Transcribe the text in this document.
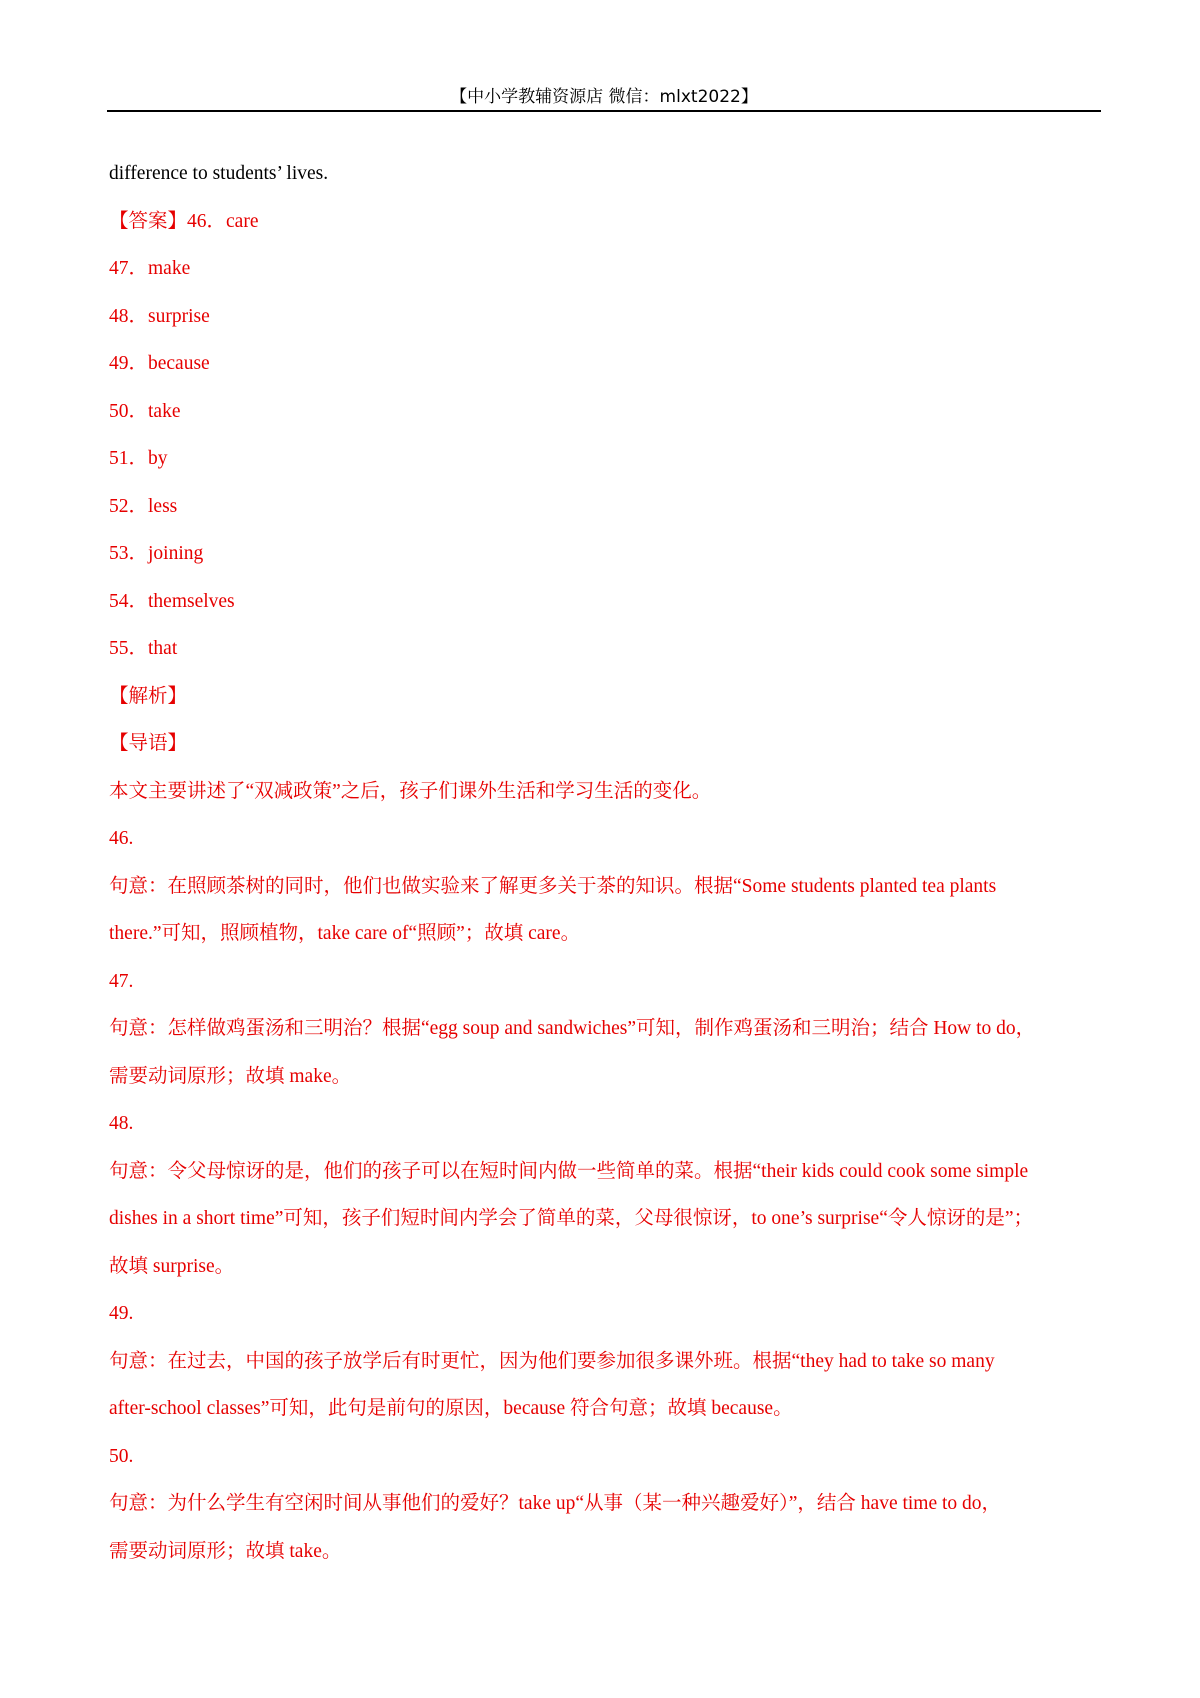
【中小学教辅资源店 微信：mlxt2022】

difference to students’ lives.

【答案】46．care

47．make

48．surprise

49．because

50．take

51．by

52．less

53．joining

54．themselves

55．that

【解析】

【导语】

本文主要讲述了“双减政策”之后，孩子们课外生活和学习生活的变化。

46.

句意：在照顾茶树的同时，他们也做实验来了解更多关于茶的知识。根据“Some students planted tea plants

there.”可知，照顾植物，take care of“照顾”；故填 care。

47.

句意：怎样做鸡蛋汤和三明治？根据“egg soup and sandwiches”可知，制作鸡蛋汤和三明治；结合 How to do，

需要动词原形；故填 make。

48.

句意：令父母惊讶的是，他们的孩子可以在短时间内做一些简单的菜。根据“their kids could cook some simple

dishes in a short time”可知，孩子们短时间内学会了简单的菜，父母很惊讶，to one’s surprise“令人惊讶的是”；

故填 surprise。

49.

句意：在过去，中国的孩子放学后有时更忙，因为他们要参加很多课外班。根据“they had to take so many

after-school classes”可知，此句是前句的原因，because 符合句意；故填 because。

50.

句意：为什么学生有空闲时间从事他们的爱好？take up“从事（某一种兴趣爱好）”，结合 have time to do，

需要动词原形；故填 take。
